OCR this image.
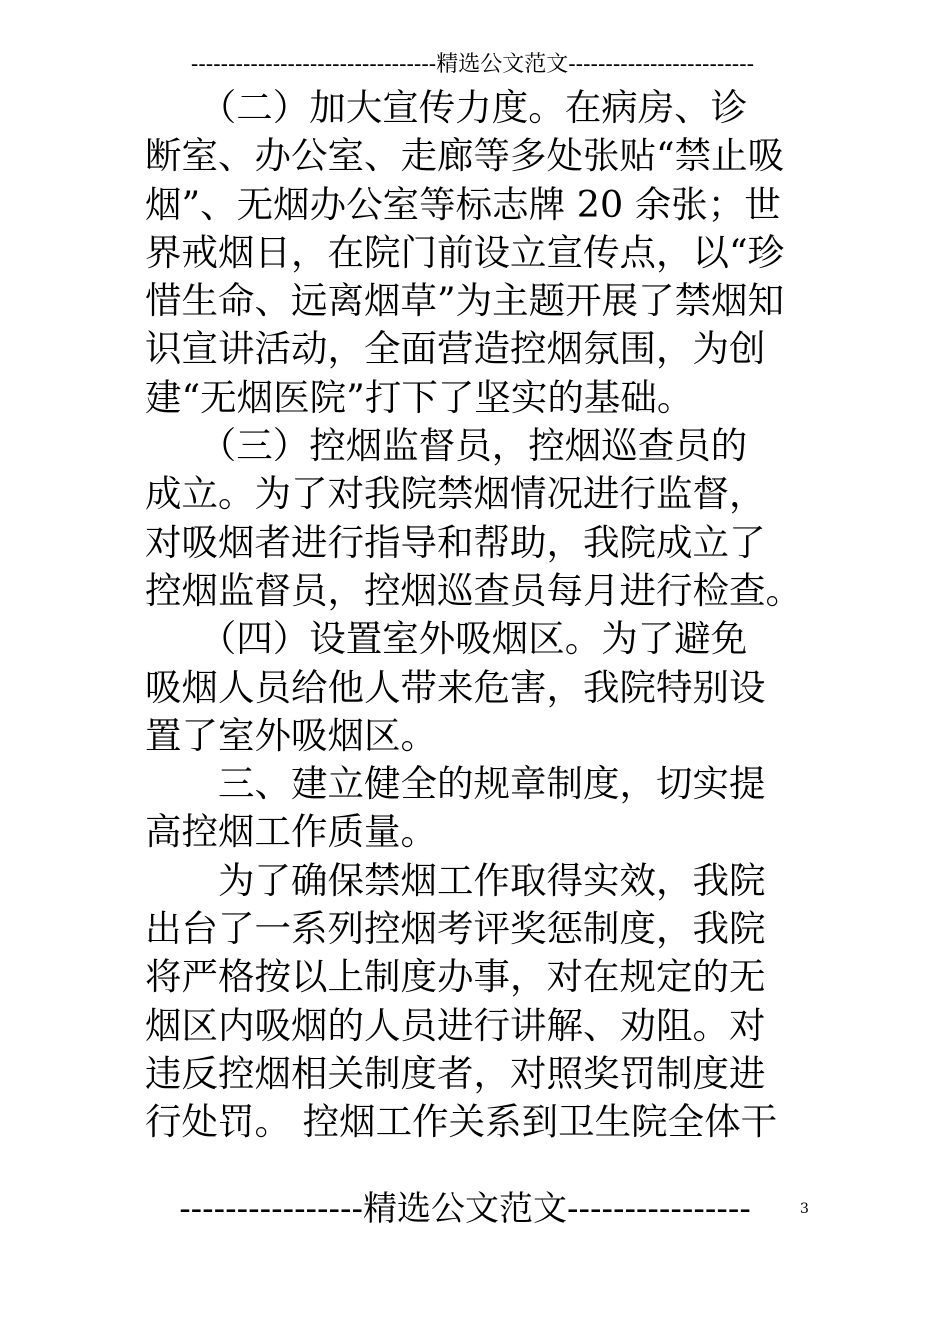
---------------------------------精选公文范文-------------------------
　　（二）加大宣传力度。在病房、诊
断室、办公室、走廊等多处张贴“禁止吸
烟”、无烟办公室等标志牌 20 余张；世
界戒烟日，在院门前设立宣传点，以“珍
惜生命、远离烟草”为主题开展了禁烟知
识宣讲活动，全面营造控烟氛围，为创
建“无烟医院”打下了坚实的基础。
　　（三）控烟监督员，控烟巡查员的
成立。为了对我院禁烟情况进行监督，
对吸烟者进行指导和帮助，我院成立了
控烟监督员，控烟巡查员每月进行检查。
　　（四）设置室外吸烟区。为了避免
吸烟人员给他人带来危害，我院特别设
置了室外吸烟区。
　　三、建立健全的规章制度，切实提
高控烟工作质量。
　　为了确保禁烟工作取得实效，我院
出台了一系列控烟考评奖惩制度，我院
将严格按以上制度办事，对在规定的无
烟区内吸烟的人员进行讲解、劝阻。对
违反控烟相关制度者，对照奖罚制度进
行处罚。 控烟工作关系到卫生院全体干
----------------精选公文范文----------------	3
